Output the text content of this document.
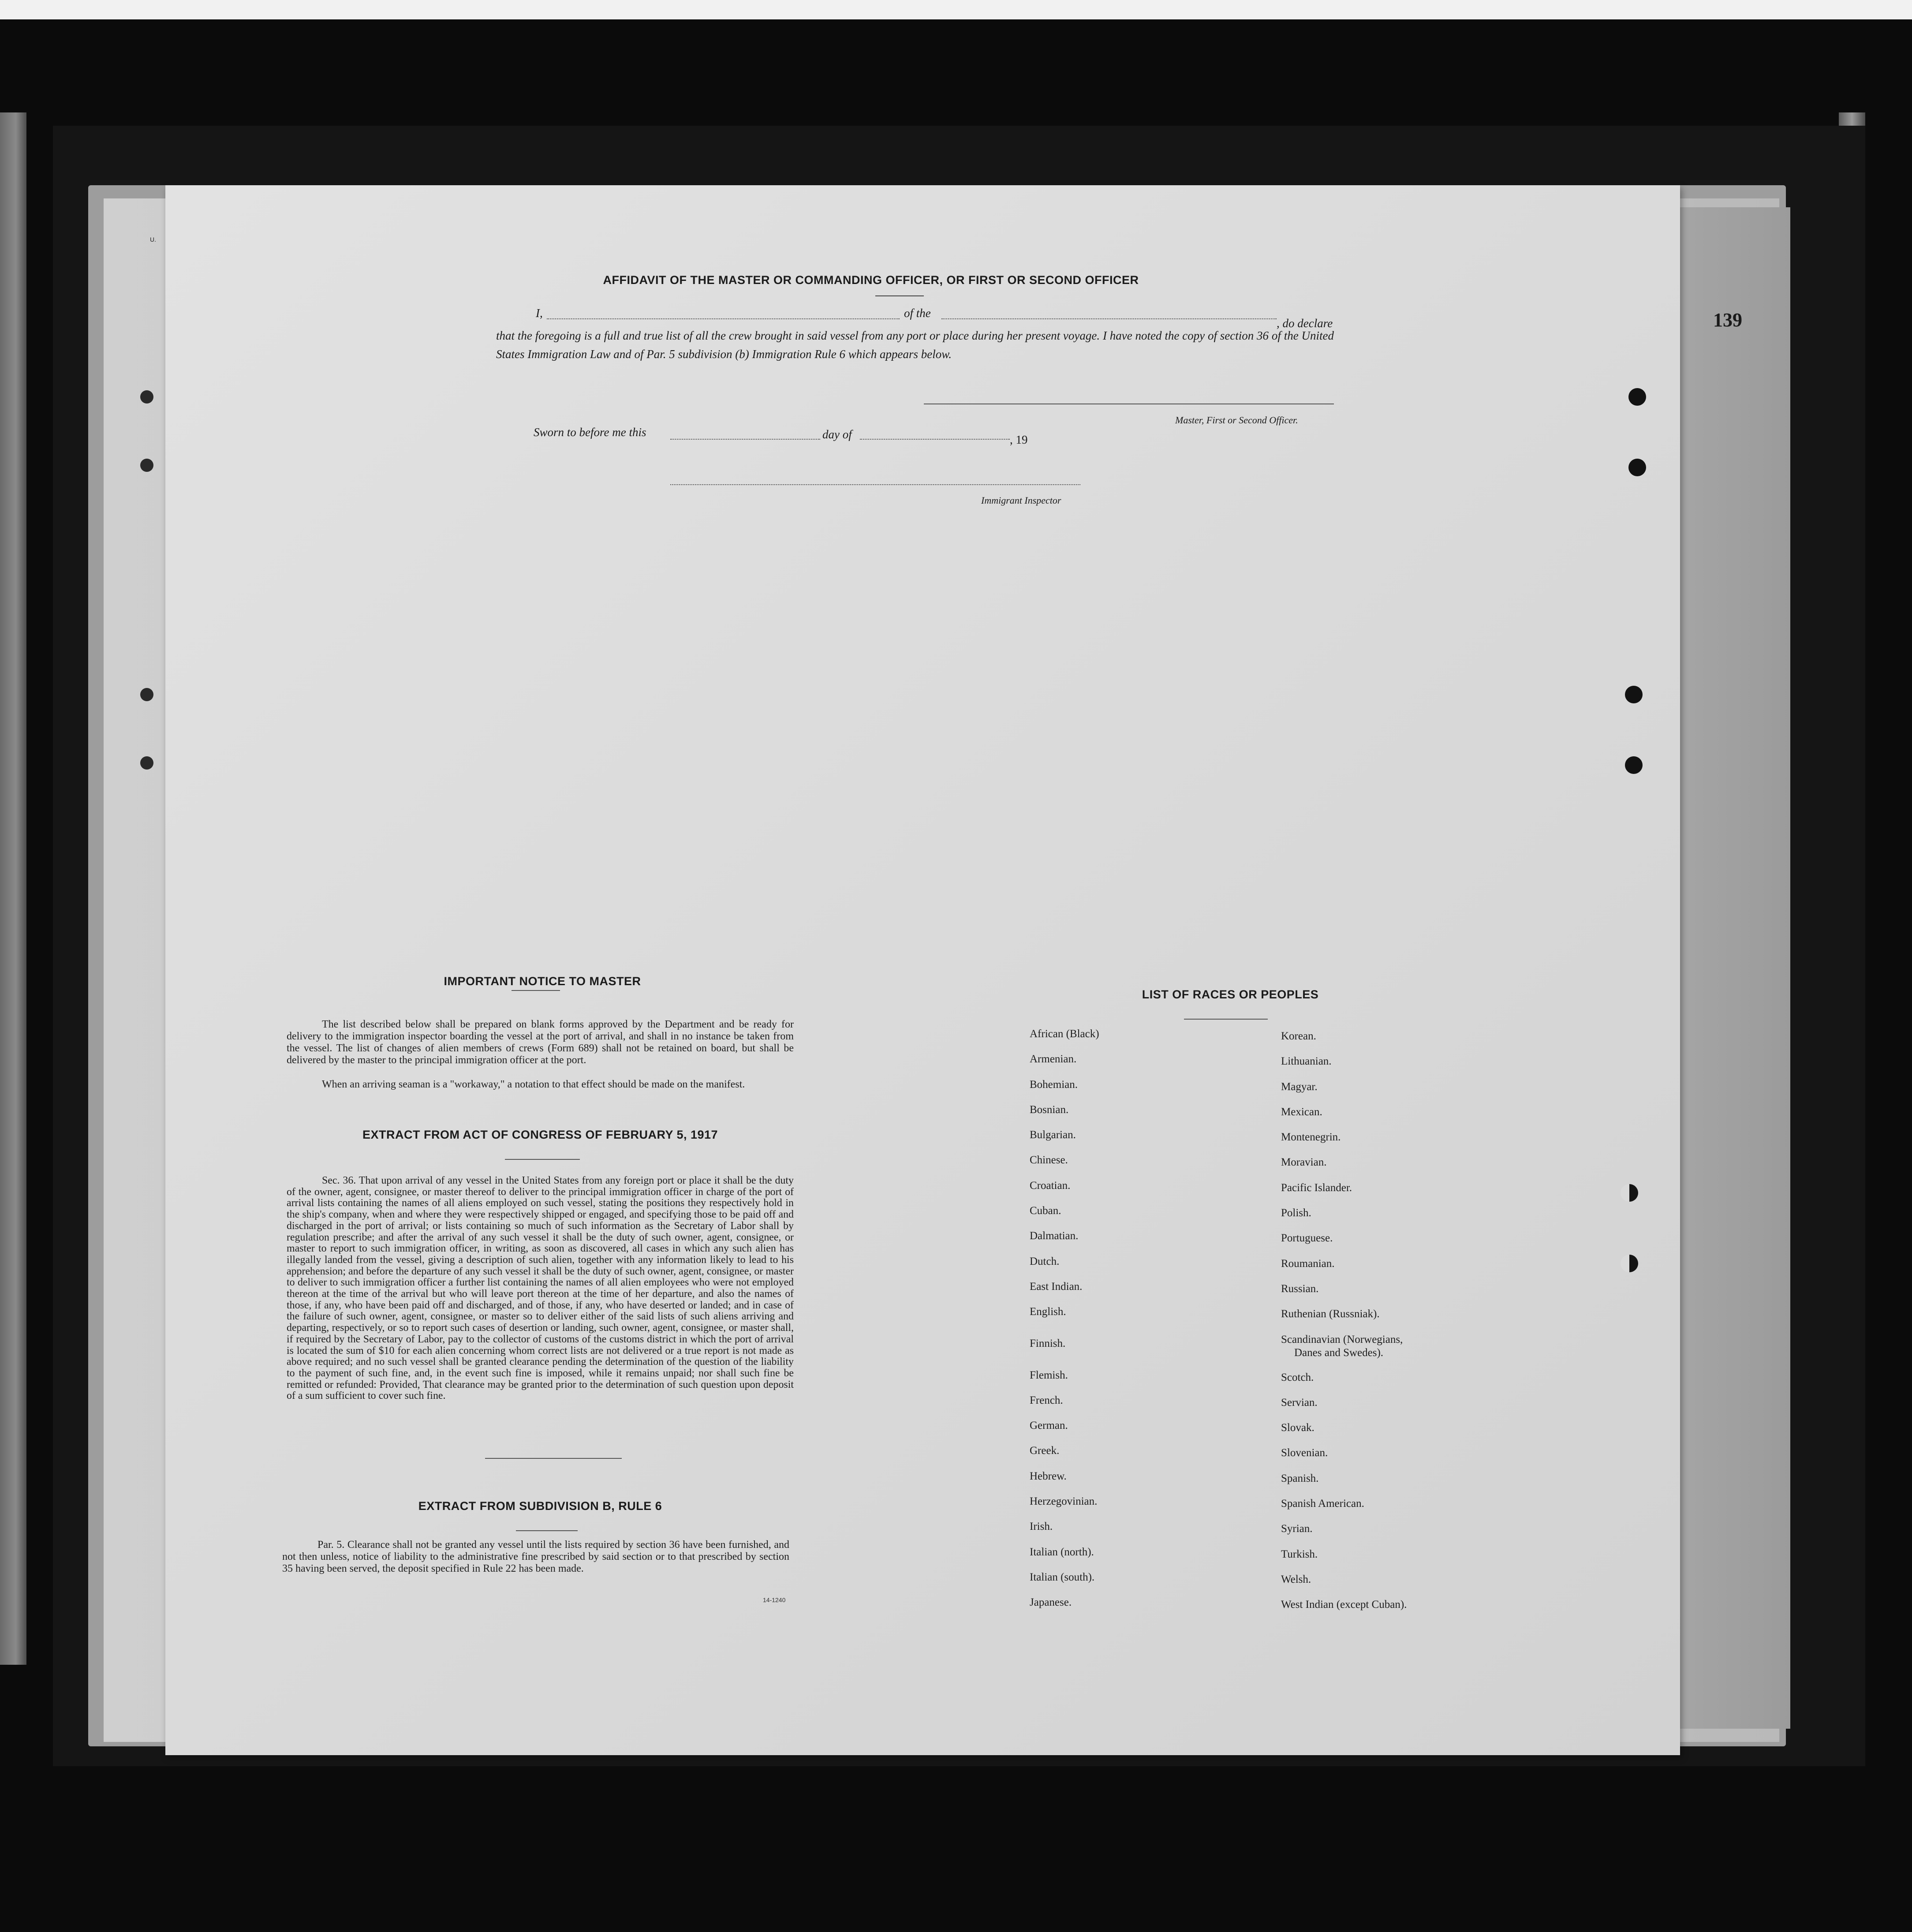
U.
139
AFFIDAVIT OF THE MASTER OR COMMANDING OFFICER, OR FIRST OR SECOND OFFICER
I,	of the
, do declare
that the foregoing is a full and true list of all the crew brought in said vessel from any port or place during her present voyage. I have noted the copy of section 36 of the United States Immigration Law and of Par. 5 subdivision (b) Immigration Rule 6 which appears below.
Master, First or Second Officer.
Sworn to before me this	day of	, 19
Immigrant Inspector
IMPORTANT NOTICE TO MASTER
The list described below shall be prepared on blank forms approved by the Department and be ready for delivery to the immigration inspector boarding the vessel at the port of arrival, and shall in no instance be taken from the vessel. The list of changes of alien members of crews (Form 689) shall not be retained on board, but shall be delivered by the master to the principal immigration officer at the port.
When an arriving seaman is a "workaway," a notation to that effect should be made on the manifest.
EXTRACT FROM ACT OF CONGRESS OF FEBRUARY 5, 1917
Sec. 36. That upon arrival of any vessel in the United States from any foreign port or place it shall be the duty of the owner, agent, consignee, or master thereof to deliver to the principal immigration officer in charge of the port of arrival lists containing the names of all aliens employed on such vessel, stating the positions they respectively hold in the ship's company, when and where they were respectively shipped or engaged, and specifying those to be paid off and discharged in the port of arrival; or lists containing so much of such information as the Secretary of Labor shall by regulation prescribe; and after the arrival of any such vessel it shall be the duty of such owner, agent, consignee, or master to report to such immigration officer, in writing, as soon as discovered, all cases in which any such alien has illegally landed from the vessel, giving a description of such alien, together with any information likely to lead to his apprehension; and before the departure of any such vessel it shall be the duty of such owner, agent, consignee, or master to deliver to such immigration officer a further list containing the names of all alien employees who were not employed thereon at the time of the arrival but who will leave port thereon at the time of her departure, and also the names of those, if any, who have been paid off and discharged, and of those, if any, who have deserted or landed; and in case of the failure of such owner, agent, consignee, or master so to deliver either of the said lists of such aliens arriving and departing, respectively, or so to report such cases of desertion or landing, such owner, agent, consignee, or master shall, if required by the Secretary of Labor, pay to the collector of customs of the customs district in which the port of arrival is located the sum of $10 for each alien concerning whom correct lists are not delivered or a true report is not made as above required; and no such vessel shall be granted clearance pending the determination of the question of the liability to the payment of such fine, and, in the event such fine is imposed, while it remains unpaid; nor shall such fine be remitted or refunded: Provided, That clearance may be granted prior to the determination of such question upon deposit of a sum sufficient to cover such fine.
EXTRACT FROM SUBDIVISION B, RULE 6
Par. 5. Clearance shall not be granted any vessel until the lists required by section 36 have been furnished, and not then unless, notice of liability to the administrative fine prescribed by said section or to that prescribed by section 35 having been served, the deposit specified in Rule 22 has been made.
14-1240
LIST OF RACES OR PEOPLES
African (Black)
Armenian.
Bohemian.
Bosnian.
Bulgarian.
Chinese.
Croatian.
Cuban.
Dalmatian.
Dutch.
East Indian.
English.
Finnish.
Flemish.
French.
German.
Greek.
Hebrew.
Herzegovinian.
Irish.
Italian (north).
Italian (south).
Japanese.
Korean.
Lithuanian.
Magyar.
Mexican.
Montenegrin.
Moravian.
Pacific Islander.
Polish.
Portuguese.
Roumanian.
Russian.
Ruthenian (Russniak).
Scandinavian (Norwegians,
Danes and Swedes).
Scotch.
Servian.
Slovak.
Slovenian.
Spanish.
Spanish American.
Syrian.
Turkish.
Welsh.
West Indian (except Cuban).
